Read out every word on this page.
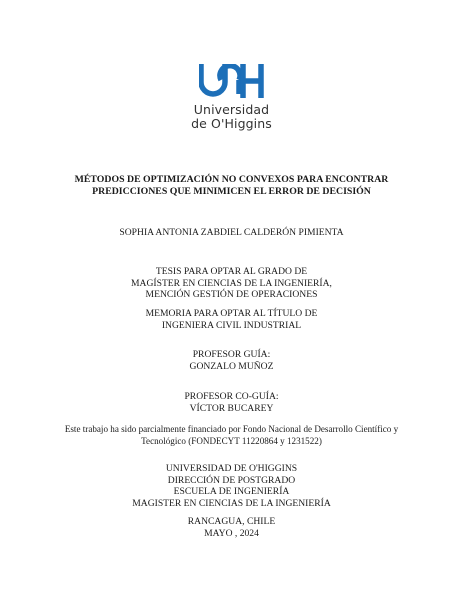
Universidad
de O'Higgins
MÉTODOS DE OPTIMIZACIÓN NO CONVEXOS PARA ENCONTRAR
PREDICCIONES QUE MINIMICEN EL ERROR DE DECISIÓN
SOPHIA ANTONIA ZABDIEL CALDERÓN PIMIENTA
TESIS PARA OPTAR AL GRADO DE
MAGÍSTER EN CIENCIAS DE LA INGENIERÍA,
MENCIÓN GESTIÓN DE OPERACIONES
MEMORIA PARA OPTAR AL TÍTULO DE
INGENIERA CIVIL INDUSTRIAL
PROFESOR GUÍA:
GONZALO MUÑOZ
PROFESOR CO-GUÍA:
VÍCTOR BUCAREY
Este trabajo ha sido parcialmente financiado por Fondo Nacional de Desarrollo Científico y
Tecnológico (FONDECYT 11220864 y 1231522)
UNIVERSIDAD DE O'HIGGINS
DIRECCIÓN DE POSTGRADO
ESCUELA DE INGENIERÍA
MAGISTER EN CIENCIAS DE LA INGENIERÍA
RANCAGUA, CHILE
MAYO , 2024
